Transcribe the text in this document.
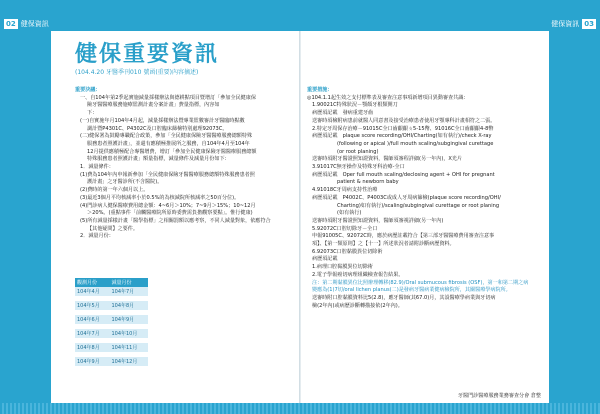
02 健保資訊	健保資訊 03
健保重要資訊
(104.4.20 牙醫季刊010 號函(重要)內容摘述)
重要決議：
一、自104年第2季起實施減量採樣辦法與德耕點項目暨增訂「參加全民健康保
險牙醫醫療服務施療監測計畫分案計畫」費量指標，內容如
下：
(一)自實施年月104年4月起，減量採樣辦法暨專業監數審計牙醫臨時點數
調計暨P4301C、P4302C及口腔臨床篩檢特別處理92073C。
(二)健保署為鼓勵專職配合政策，參加「全民健康保險牙醫醫療服務總額特殊
服務患者照護計畫」，並還有應積極推展所之服務，自104年4月至104年
12月提供應積極配合專醫增費，增訂「參加全民健康保險牙醫醫療服務總額
特殊服務患者照護計畫」額量指標，減量條件及減量月份如下：
1．減量條件：
(1)費為104年內申報新參加「全民健康保險牙醫醫療服務總額特殊服務患者照
護計畫」之牙醫診所(不含醫院)。
(2)費時的第一年六個月以上。
(3)最近3個月平均核減率小於0.5%的為核減院所核減率之50百分位)。
(4)門診病人健保醫療費用總金額：4~6月＞10%；7~9月＞15%；10~12月
＞20%。(重點事件「前觸醫療院所原時委費需負擔觀察要點」。惟行健康)
(5)所有減量採樣計畫「醫學指標」之相關罰額以應考察，不同人減量對象，依應符合
【其他疑問】之要件。
2．減量月份：
觀測月份	減量月份
104年4月	104年7月

104年5月	104年8月

104年6月	104年9月

104年7月	104年10月

104年8月	104年11月

104年9月	104年12月
重要措施：
◎104.1.1起生效之支付標準表及審查注意事項新增項目異動審查共識：
1.90021C特殊狀況－顎顏牙根類開刀
病歷須記載　發病重建牙齒
送審時須檢附病患前就醫人同意書及接受治療患者使用牙顎專科計畫相符之二張。
2.特定牙周保存治療－91015C全口齒齦齦ㄆ5-15幣、91016C全口齒齦齦4-8幣
病歷須記載　plaque score recording/OHI/Charting(如有執行)/check X-ray
(following or apical )/full mouth scaling/subgingival curettage
(or root planing)
送審時須附牙醫證照知證資料，醫師須審程詳細(另一年內)，X光片
3.91017C無牙操作及特殊牙科治療-全口
病歷須記載　Oper full mouth scaling/declosing agent + OHI for pregnant
patient & newborn baby
4.91018C牙周病支持性治療
病歷須記載　P4002C、P4003C或成人牙周病篩檢(plaque score recording/OHI/
Charting)如有執行)/scaling/subgingival curettage or root planing
(如有執行)
送審時須附牙醫證照知證資料，醫師須審視詳細(另一年內)
5.92072C口腔切除牙－全口
申報91005C、92072C時，應於病歷註載符合【第三部牙醫醫療費用審查注意事
項】、【第一類原則】之【十一】所述狀況者請附診斷病歷資料。
6.92073C口腔黏膜異位切除術
病歷須記載
1.病理口腔黏膜異位切除術
2.電子學報癌切病理組織檢查報告結果。
注：第二期黏膜異位比照辦理轉移(82.9)/Oral submucous fibrosis (OSF)，第一和第二期之病
變應為(1)7切/oral lichen planus(二)是發病牙醫病業健病檢院所，其關醫療學病院所。
送審時附口腔黏膜資料比5(2.8)，應牙醫師(其67.0)月，其設醫療學病業與牙切病
檢(2年內)或病歷診斷轉描接依(2年內)。
牙醫門診醫療服務業務審查分會 倉整
